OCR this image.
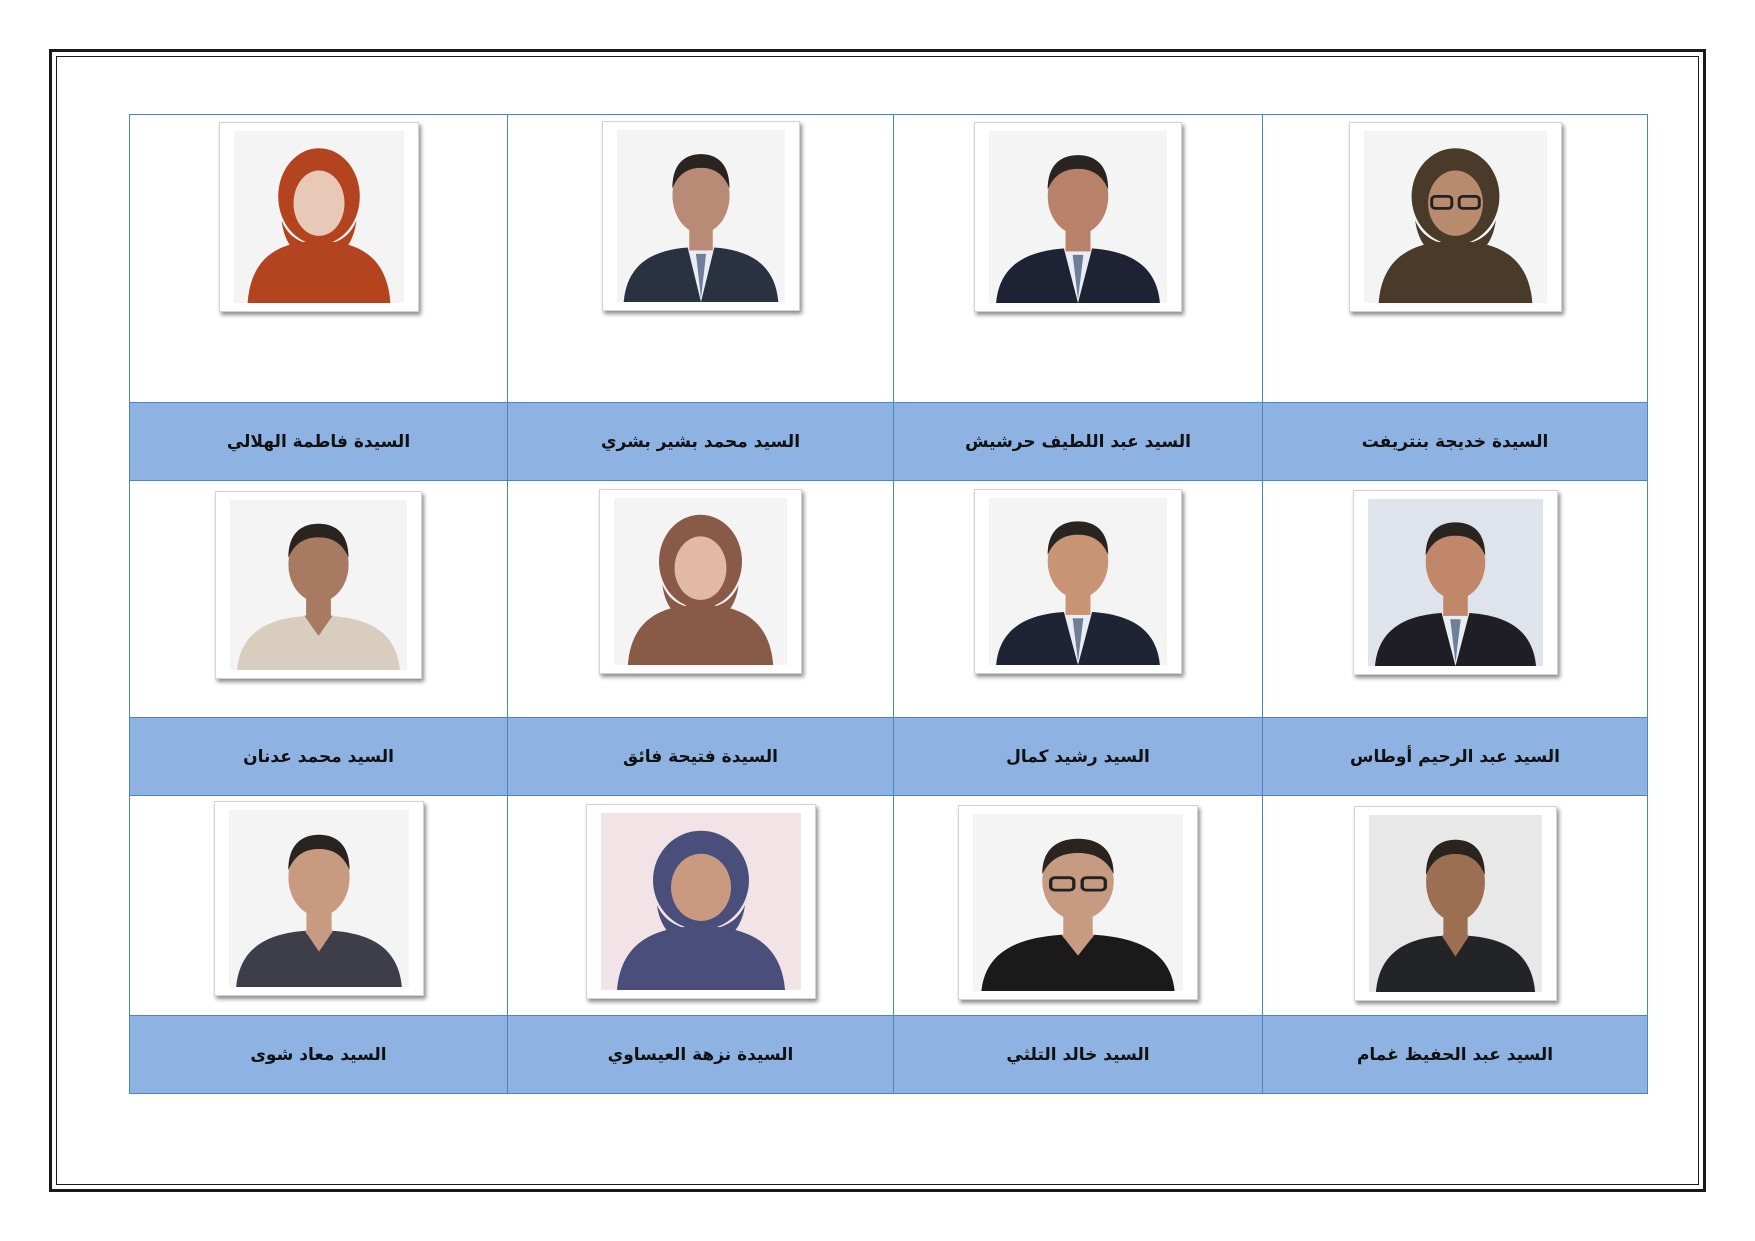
السيدة فاطمة الهلالي	السيد محمد بشير بشري	السيد عبد اللطيف حرشيش	السيدة خديجة بنتريفت

السيد محمد عدنان	السيدة فتيحة فائق	السيد رشيد كمال	السيد عبد الرحيم أوطاس

السيد معاد شوى	السيدة نزهة العيساوي	السيد خالد التلثي	السيد عبد الحفيظ غمام
